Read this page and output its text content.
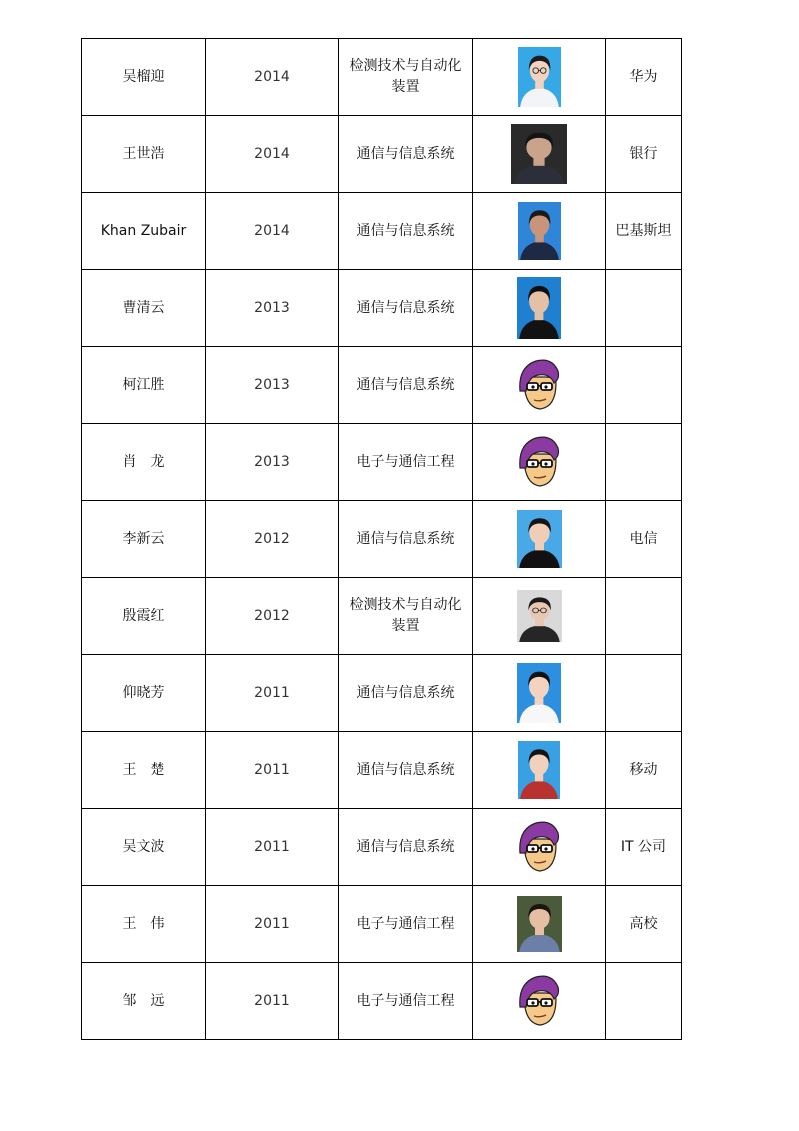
吴榴迎	2014	检测技术与自动化装置		华为
王世浩	2014	通信与信息系统		银行
Khan Zubair	2014	通信与信息系统		巴基斯坦
曹清云	2013	通信与信息系统	

柯江胜	2013	通信与信息系统	

肖　龙	2013	电子与通信工程	

李新云	2012	通信与信息系统		电信
殷霞红	2012	检测技术与自动化装置	

仰晓芳	2011	通信与信息系统	

王　楚	2011	通信与信息系统		移动
吴文波	2011	通信与信息系统		IT 公司
王　伟	2011	电子与通信工程		高校
邹　远	2011	电子与通信工程	
